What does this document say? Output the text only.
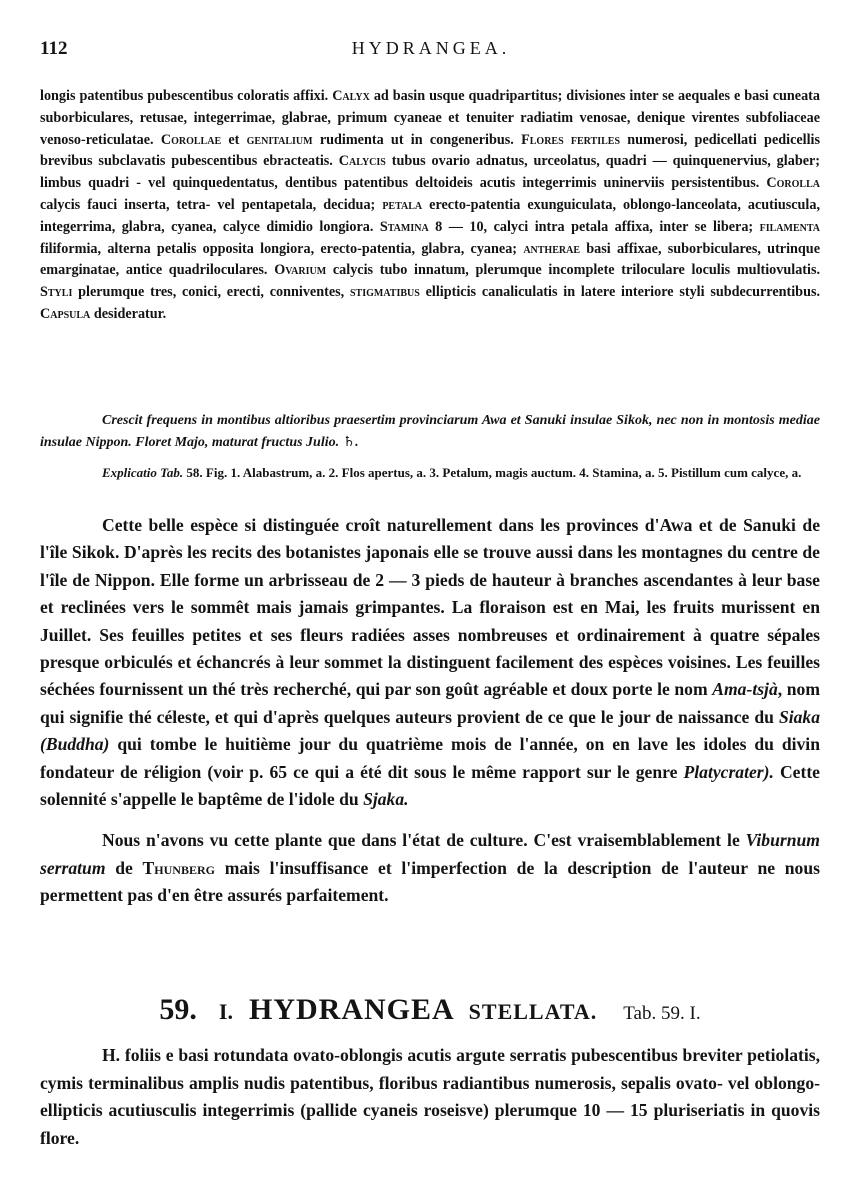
112	HYDRANGEA.

longis patentibus pubescentibus coloratis affixi. Calyx ad basin usque quadripartitus; divisiones inter se aequales e basi cuneata suborbiculares, retusae, integerrimae, glabrae, primum cyaneae et tenuiter radiatim venosae, denique virentes subfoliaceae venoso-reticulatae. Corollae et genitalium rudimenta ut in congeneribus. Flores fertiles numerosi, pedicellati pedicellis brevibus subclavatis pubescentibus ebracteatis. Calycis tubus ovario adnatus, urceolatus, quadri — quinquenervius, glaber; limbus quadri - vel quinquedentatus, dentibus patentibus deltoideis acutis integerrimis uninerviis persistentibus. Corolla calycis fauci inserta, tetra- vel pentapetala, decidua; petala erecto-patentia exunguiculata, oblongo-lanceolata, acutiuscula, integerrima, glabra, cyanea, calyce dimidio longiora. Stamina 8 — 10, calyci intra petala affixa, inter se libera; filamenta filiformia, alterna petalis opposita longiora, erecto-patentia, glabra, cyanea; antherae basi affixae, suborbiculares, utrinque emarginatae, antice quadriloculares. Ovarium calycis tubo innatum, plerumque incomplete triloculare loculis multiovulatis. Styli plerumque tres, conici, erecti, conniventes, stigmatibus ellipticis canaliculatis in latere interiore styli subdecurrentibus. Capsula desideratur.

Crescit frequens in montibus altioribus praesertim provinciarum Awa et Sanuki insulae Sikok, nec non in montosis mediae insulae Nippon. Floret Majo, maturat fructus Julio. ♄.
Explicatio Tab. 58. Fig. 1. Alabastrum, a. 2. Flos apertus, a. 3. Petalum, magis auctum. 4. Stamina, a. 5. Pistillum cum calyce, a.

Cette belle espèce si distinguée croît naturellement dans les provinces d'Awa et de Sanuki de l'île Sikok. D'après les recits des botanistes japonais elle se trouve aussi dans les montagnes du centre de l'île de Nippon. Elle forme un arbrisseau de 2 — 3 pieds de hauteur à branches ascendantes à leur base et reclinées vers le sommêt mais jamais grimpantes. La floraison est en Mai, les fruits murissent en Juillet. Ses feuilles petites et ses fleurs radiées asses nombreuses et ordinairement à quatre sépales presque orbiculés et échancrés à leur sommet la distinguent facilement des espèces voisines. Les feuilles séchées fournissent un thé très recherché, qui par son goût agréable et doux porte le nom Ama-tsjà, nom qui signifie thé céleste, et qui d'après quelques auteurs provient de ce que le jour de naissance du Siaka (Buddha) qui tombe le huitième jour du quatrième mois de l'année, on en lave les idoles du divin fondateur de réligion (voir p. 65 ce qui a été dit sous le même rapport sur le genre Platycrater). Cette solennité s'appelle le baptême de l'idole du Sjaka.

Nous n'avons vu cette plante que dans l'état de culture. C'est vraisemblablement le Viburnum serratum de Thunberg mais l'insuffisance et l'imperfection de la description de l'auteur ne nous permettent pas d'en être assurés parfaitement.

59. I. HYDRANGEA STELLATA. Tab. 59. I.

H. foliis e basi rotundata ovato-oblongis acutis argute serratis pubescentibus breviter petiolatis, cymis terminalibus amplis nudis patentibus, floribus radiantibus numerosis, sepalis ovato- vel oblongo-ellipticis acutiusculis integerrimis (pallide cyaneis roseisve) plerumque 10 — 15 pluriseriatis in quovis flore.
